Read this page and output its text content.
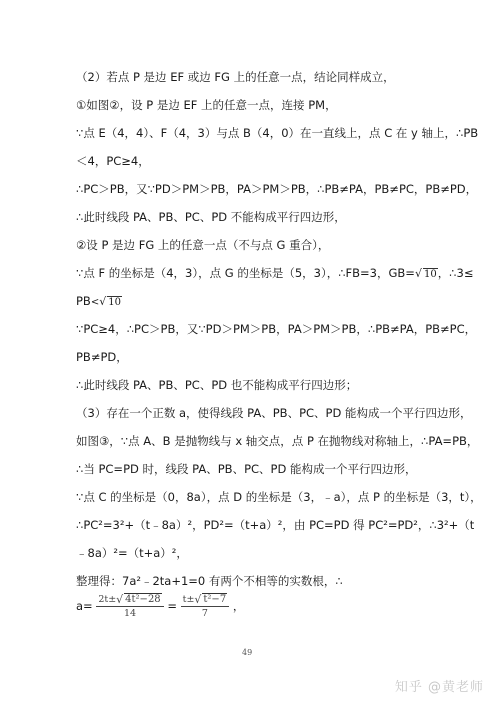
（2）若点 P 是边 EF 或边 FG 上的任意一点，结论同样成立，
①如图②，设 P 是边 EF 上的任意一点，连接 PM，
∵点 E（4，4）、F（4，3）与点 B（4，0）在一直线上，点 C 在 y 轴上，∴PB
＜4，PC≥4，
∴PC＞PB，又∵PD＞PM＞PB，PA＞PM＞PB，∴PB≠PA，PB≠PC，PB≠PD，
∴此时线段 PA、PB、PC、PD 不能构成平行四边形，
②设 P 是边 FG 上的任意一点（不与点 G 重合），
∵点 F 的坐标是（4，3），点 G 的坐标是（5，3），∴FB=3，GB= √ 10，∴3≤
PB< √ 10
∵PC≥4，∴PC＞PB，又∵PD＞PM＞PB，PA＞PM＞PB，∴PB≠PA，PB≠PC，
PB≠PD，
∴此时线段 PA、PB、PC、PD 也不能构成平行四边形；
（3）存在一个正数 a，使得线段 PA、PB、PC、PD 能构成一个平行四边形，
如图③，∵点 A、B 是抛物线与 x 轴交点，点 P 在抛物线对称轴上，∴PA=PB，
∴当 PC=PD 时，线段 PA、PB、PC、PD 能构成一个平行四边形，
∵点 C 的坐标是（0，8a），点 D 的坐标是（3，﹣a），点 P 的坐标是（3，t），
∴PC²=3²+（t﹣8a）²，PD²=（t+a）²，由 PC=PD 得 PC²=PD²，∴3²+（t
﹣8a）²=（t+a）²，
整理得：7a²﹣2ta+1=0 有两个不相等的实数根，∴
$a= \frac{\text{2t± √ 4t²−28}}{14} = \frac{\text{t± √ t²−7}}{7}$ ，
49
知乎 @黄老师
